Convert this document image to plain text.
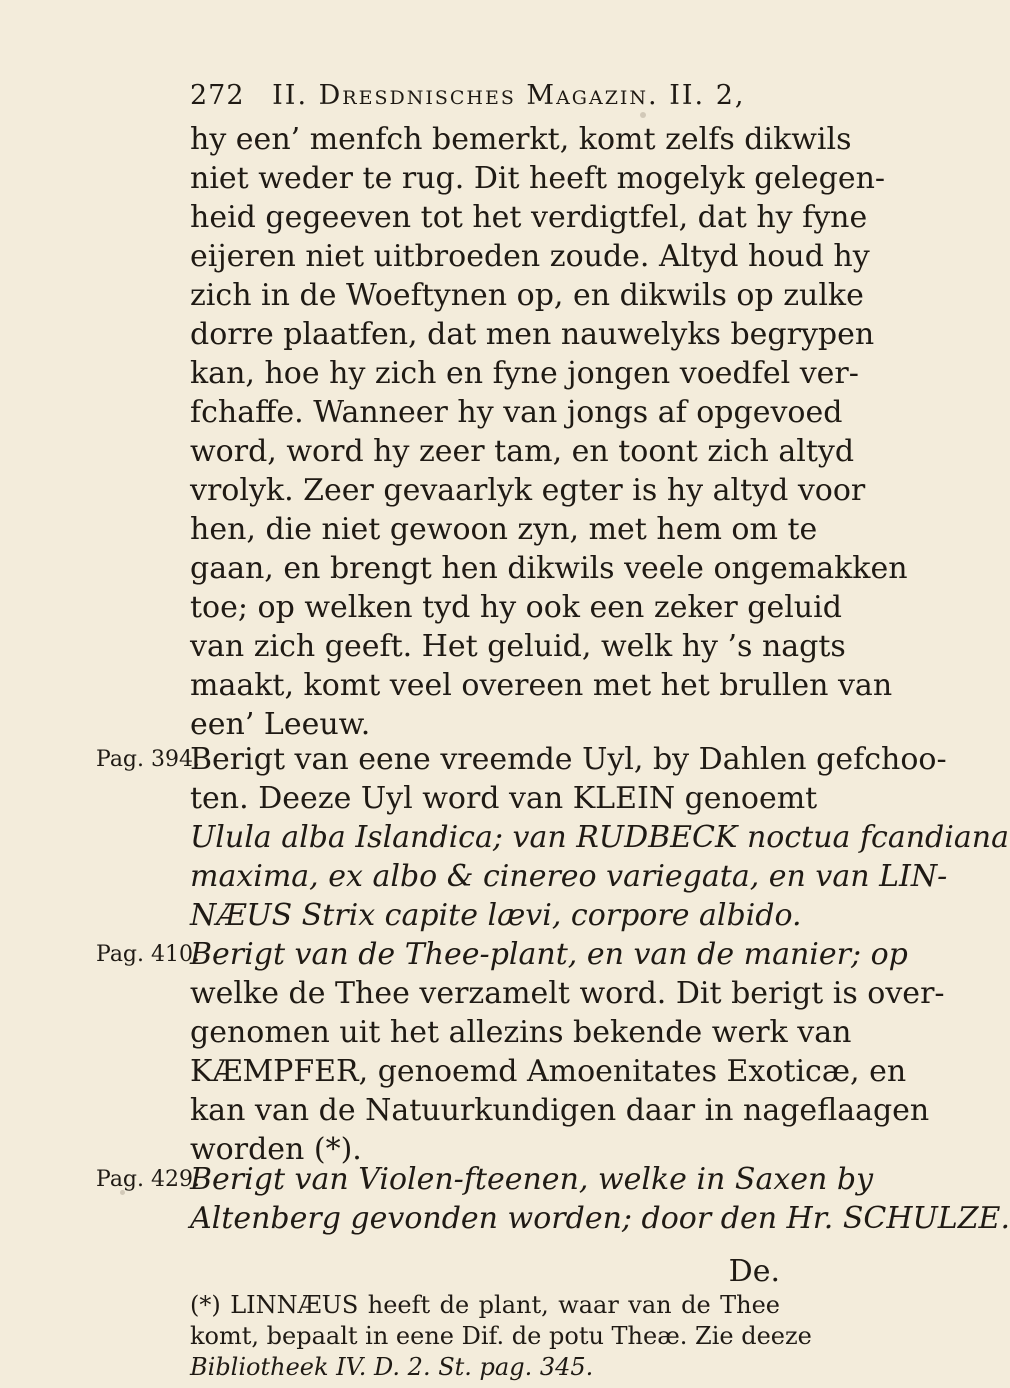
272 II. Dresdnisches Magazin. II. 2,
hy een’ menfch bemerkt, komt zelfs dikwils
niet weder te rug. Dit heeft mogelyk gelegen-
heid gegeeven tot het verdigtfel, dat hy fyne
eijeren niet uitbroeden zoude. Altyd houd hy
zich in de Woeftynen op, en dikwils op zulke
dorre plaatfen, dat men nauwelyks begrypen
kan, hoe hy zich en fyne jongen voedfel ver-
fchaffe. Wanneer hy van jongs af opgevoed
word, word hy zeer tam, en toont zich altyd
vrolyk. Zeer gevaarlyk egter is hy altyd voor
hen, die niet gewoon zyn, met hem om te
gaan, en brengt hen dikwils veele ongemakken
toe; op welken tyd hy ook een zeker geluid
van zich geeft. Het geluid, welk hy ’s nagts
maakt, komt veel overeen met het brullen van
een’ Leeuw.
Pag. 394.
Berigt van eene vreemde Uyl, by Dahlen gefchoo-
ten. Deeze Uyl word van KLEIN genoemt
Ulula alba Islandica; van RUDBECK noctua fcandiana
maxima, ex albo & cinereo variegata, en van LIN-
NÆUS Strix capite lævi, corpore albido.
Pag. 410.
Berigt van de Thee-plant, en van de manier; op
welke de Thee verzamelt word. Dit berigt is over-
genomen uit het allezins bekende werk van
KÆMPFER, genoemd Amoenitates Exoticæ, en
kan van de Natuurkundigen daar in nageflaagen
worden (*).
Pag. 429.
Berigt van Violen-fteenen, welke in Saxen by
Altenberg gevonden worden; door den Hr. SCHULZE.
De.
(*) LINNÆUS heeft de plant, waar van de Thee
komt, bepaalt in eene Dif. de potu Theæ. Zie deeze
Bibliotheek IV. D. 2. St. pag. 345.
